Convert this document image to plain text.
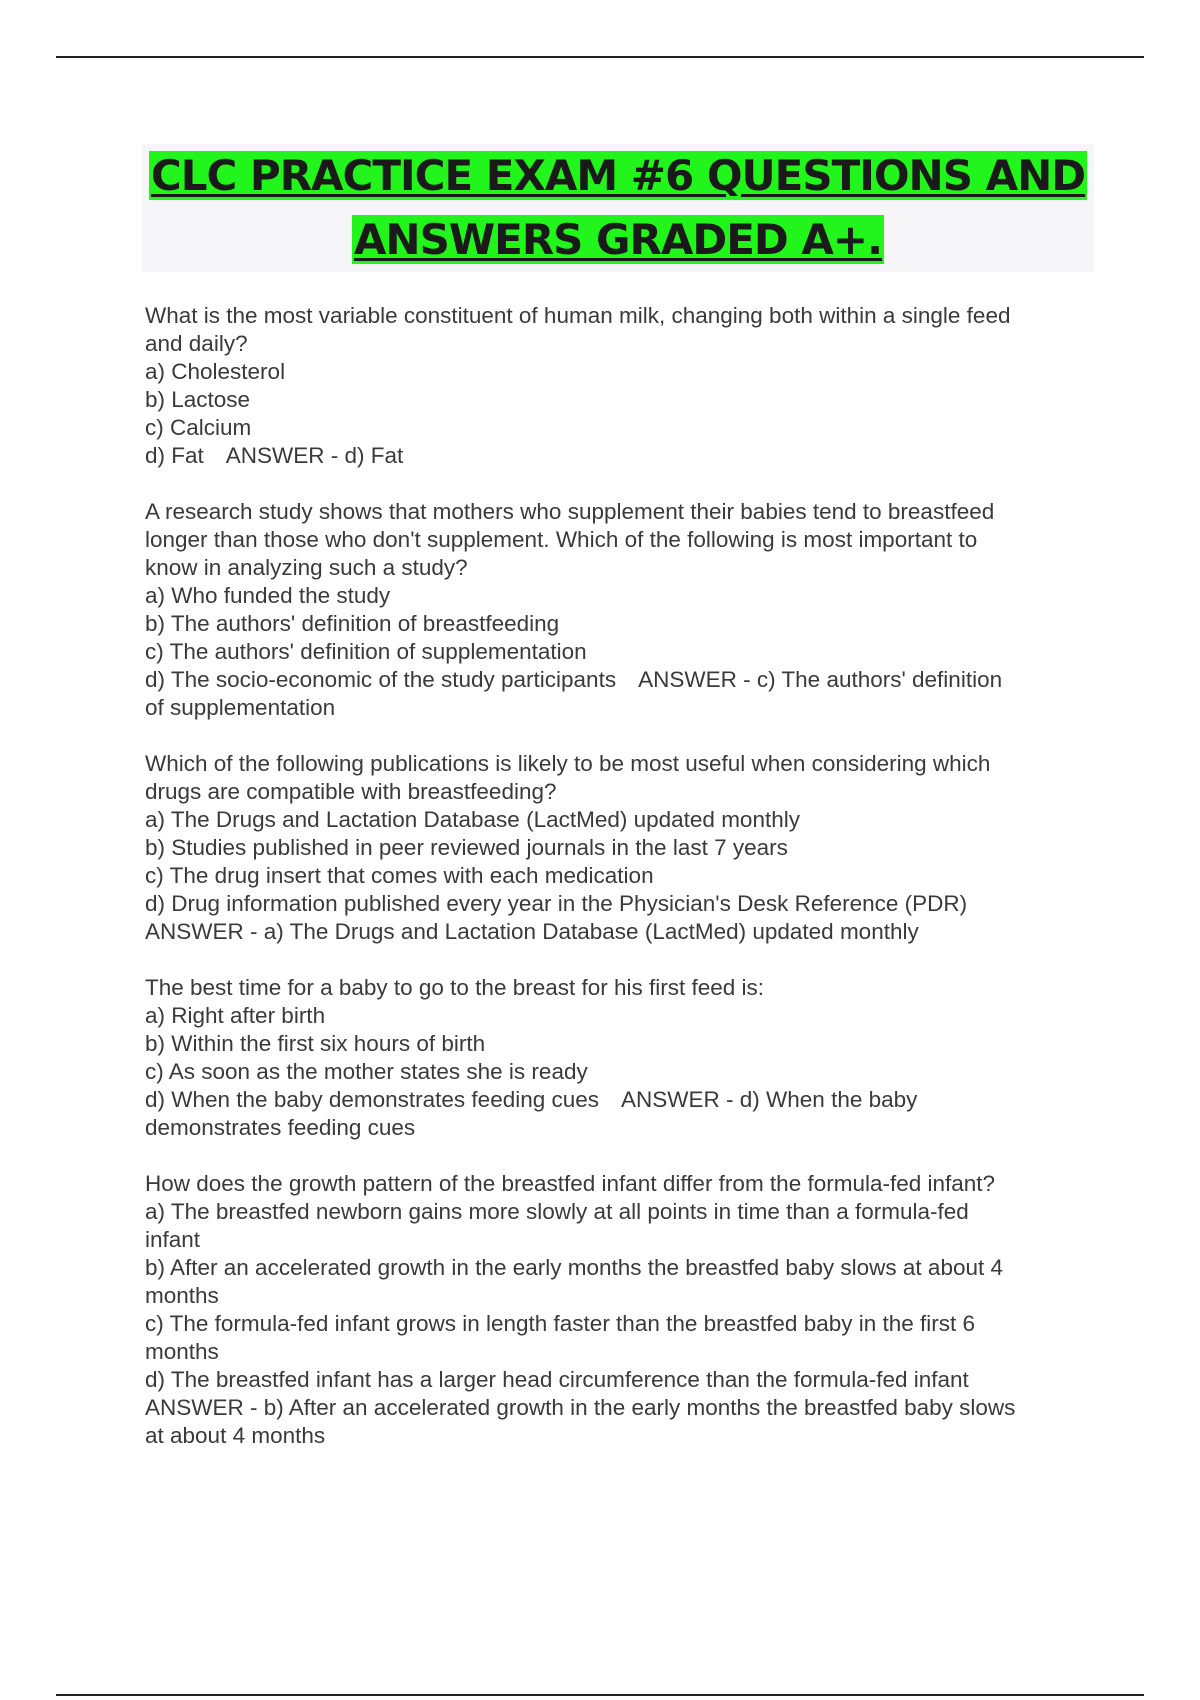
CLC PRACTICE EXAM #6 QUESTIONS AND ANSWERS GRADED A+.
What is the most variable constituent of human milk, changing both within a single feed
and daily?
a) Cholesterol
b) Lactose
c) Calcium
d) Fat ANSWER - d) Fat
A research study shows that mothers who supplement their babies tend to breastfeed
longer than those who don't supplement. Which of the following is most important to
know in analyzing such a study?
a) Who funded the study
b) The authors' definition of breastfeeding
c) The authors' definition of supplementation
d) The socio-economic of the study participants ANSWER - c) The authors' definition
of supplementation
Which of the following publications is likely to be most useful when considering which
drugs are compatible with breastfeeding?
a) The Drugs and Lactation Database (LactMed) updated monthly
b) Studies published in peer reviewed journals in the last 7 years
c) The drug insert that comes with each medication
d) Drug information published every year in the Physician's Desk Reference (PDR)
ANSWER - a) The Drugs and Lactation Database (LactMed) updated monthly
The best time for a baby to go to the breast for his first feed is:
a) Right after birth
b) Within the first six hours of birth
c) As soon as the mother states she is ready
d) When the baby demonstrates feeding cues ANSWER - d) When the baby
demonstrates feeding cues
How does the growth pattern of the breastfed infant differ from the formula-fed infant?
a) The breastfed newborn gains more slowly at all points in time than a formula-fed
infant
b) After an accelerated growth in the early months the breastfed baby slows at about 4
months
c) The formula-fed infant grows in length faster than the breastfed baby in the first 6
months
d) The breastfed infant has a larger head circumference than the formula-fed infant
ANSWER - b) After an accelerated growth in the early months the breastfed baby slows
at about 4 months
